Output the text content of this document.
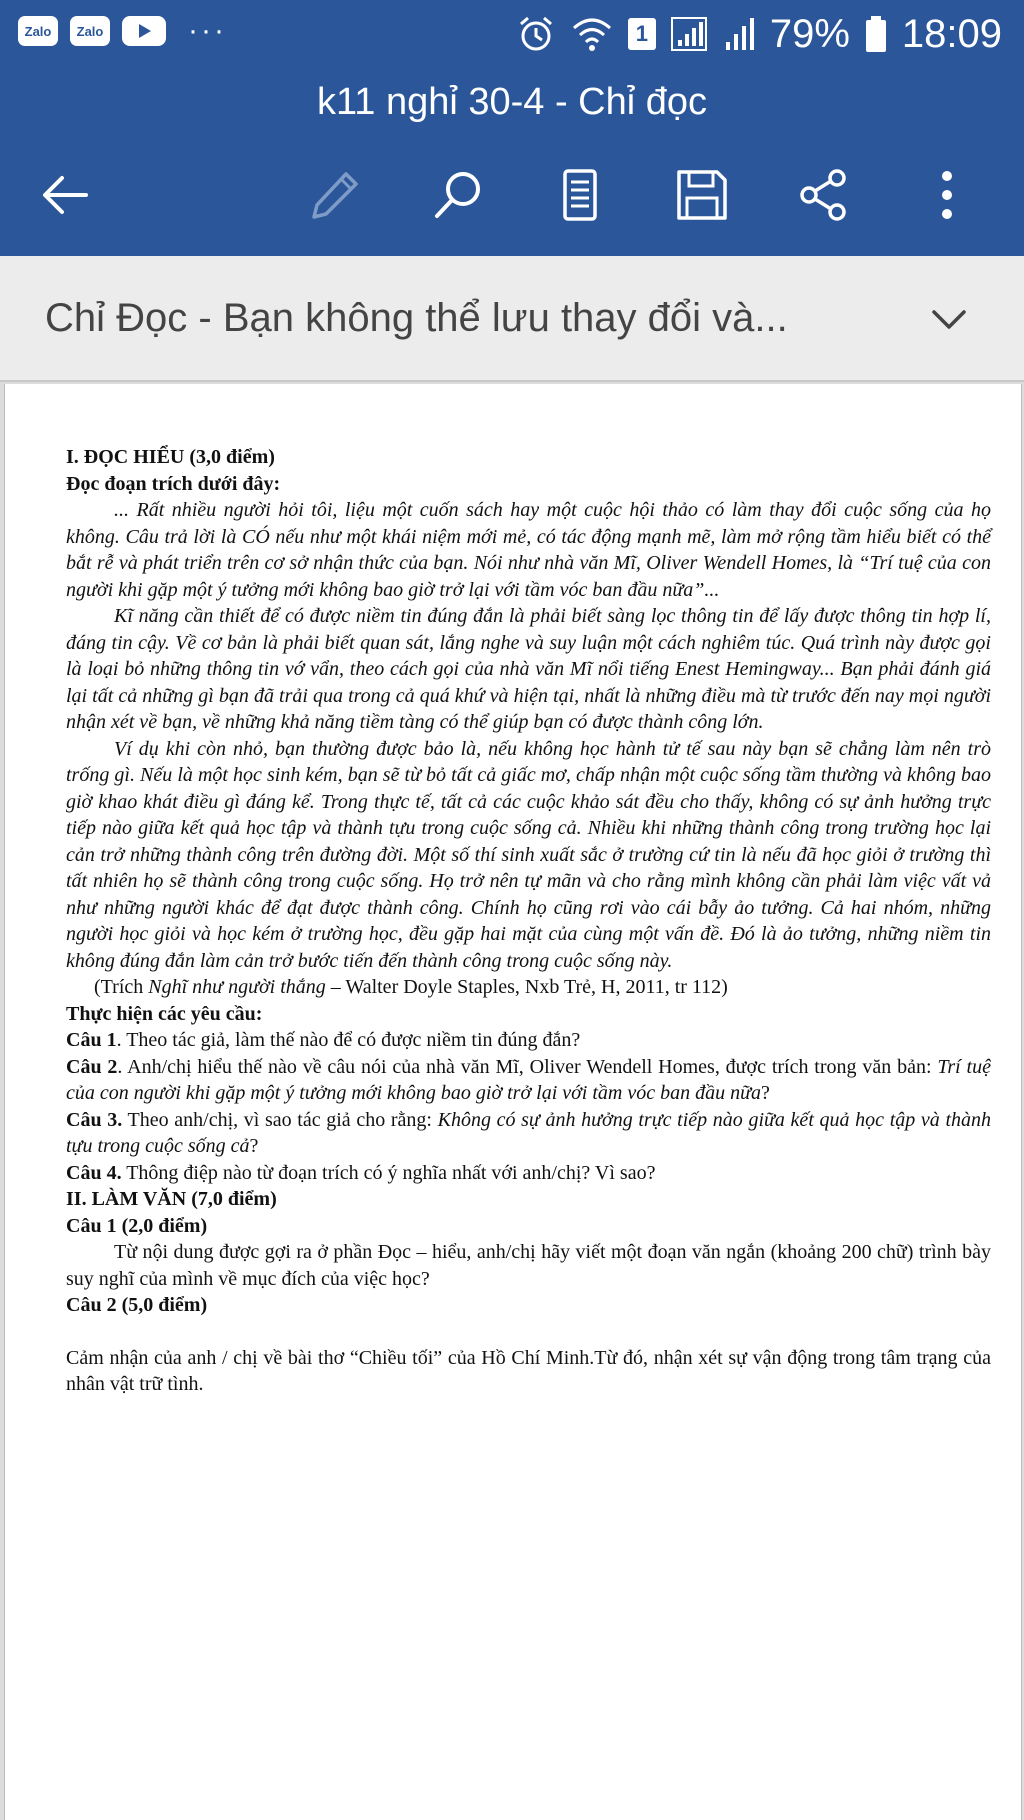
Zalo	Zalo	···	1	79% 18:09
k11 nghỉ 30-4 - Chỉ đọc
Chỉ Đọc - Bạn không thể lưu thay đổi và...

I. ĐỌC HIỂU (3,0 điểm)

Đọc đoạn trích dưới đây:

... Rất nhiều người hỏi tôi, liệu một cuốn sách hay một cuộc hội thảo có làm thay đổi cuộc sống của họ không. Câu trả lời là CÓ nếu như một khái niệm mới mẻ, có tác động mạnh mẽ, làm mở rộng tầm hiểu biết có thể bắt rễ và phát triển trên cơ sở nhận thức của bạn. Nói như nhà văn Mĩ, Oliver Wendell Homes, là “Trí tuệ của con người khi gặp một ý tưởng mới không bao giờ trở lại với tầm vóc ban đầu nữa”...

Kĩ năng cần thiết để có được niềm tin đúng đắn là phải biết sàng lọc thông tin để lấy được thông tin hợp lí, đáng tin cậy. Về cơ bản là phải biết quan sát, lắng nghe và suy luận một cách nghiêm túc. Quá trình này được gọi là loại bỏ những thông tin vớ vẩn, theo cách gọi của nhà văn Mĩ nổi tiếng Enest Hemingway... Bạn phải đánh giá lại tất cả những gì bạn đã trải qua trong cả quá khứ và hiện tại, nhất là những điều mà từ trước đến nay mọi người nhận xét về bạn, về những khả năng tiềm tàng có thể giúp bạn có được thành công lớn.

Ví dụ khi còn nhỏ, bạn thường được bảo là, nếu không học hành tử tế sau này bạn sẽ chẳng làm nên trò trống gì. Nếu là một học sinh kém, bạn sẽ từ bỏ tất cả giấc mơ, chấp nhận một cuộc sống tầm thường và không bao giờ khao khát điều gì đáng kể. Trong thực tế, tất cả các cuộc khảo sát đều cho thấy, không có sự ảnh hưởng trực tiếp nào giữa kết quả học tập và thành tựu trong cuộc sống cả. Nhiều khi những thành công trong trường học lại cản trở những thành công trên đường đời. Một số thí sinh xuất sắc ở trường cứ tin là nếu đã học giỏi ở trường thì tất nhiên họ sẽ thành công trong cuộc sống. Họ trở nên tự mãn và cho rằng mình không cần phải làm việc vất vả như những người khác để đạt được thành công. Chính họ cũng rơi vào cái bẫy ảo tưởng. Cả hai nhóm, những người học giỏi và học kém ở trường học, đều gặp hai mặt của cùng một vấn đề. Đó là ảo tưởng, những niềm tin không đúng đắn làm cản trở bước tiến đến thành công trong cuộc sống này.

(Trích Nghĩ như người thắng – Walter Doyle Staples, Nxb Trẻ, H, 2011, tr 112)

Thực hiện các yêu cầu:

Câu 1. Theo tác giả, làm thế nào để có được niềm tin đúng đắn?

Câu 2. Anh/chị hiểu thế nào về câu nói của nhà văn Mĩ, Oliver Wendell Homes, được trích trong văn bản: Trí tuệ của con người khi gặp một ý tưởng mới không bao giờ trở lại với tầm vóc ban đầu nữa?

Câu 3. Theo anh/chị, vì sao tác giả cho rằng: Không có sự ảnh hưởng trực tiếp nào giữa kết quả học tập và thành tựu trong cuộc sống cả?

Câu 4. Thông điệp nào từ đoạn trích có ý nghĩa nhất với anh/chị? Vì sao?

II. LÀM VĂN (7,0 điểm)

Câu 1 (2,0 điểm)

Từ nội dung được gợi ra ở phần Đọc – hiểu, anh/chị hãy viết một đoạn văn ngắn (khoảng 200 chữ) trình bày suy nghĩ của mình về mục đích của việc học?

Câu 2 (5,0 điểm)

Cảm nhận của anh / chị về bài thơ “Chiều tối” của Hồ Chí Minh.Từ đó, nhận xét sự vận động trong tâm trạng của nhân vật trữ tình.
